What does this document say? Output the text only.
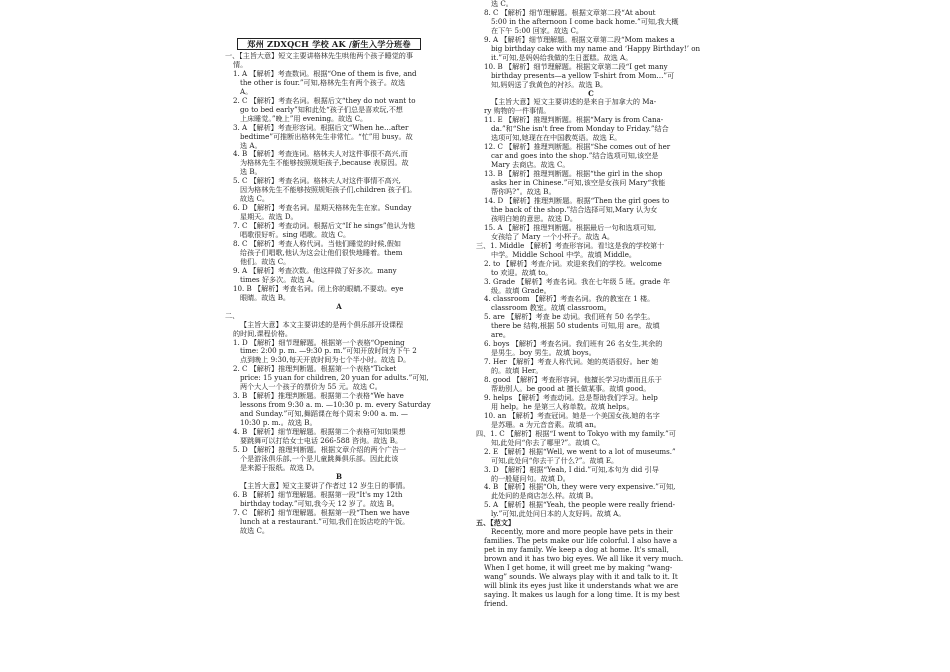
郑州 ZDXQCH 学校 AK /新生入学分班卷
一、【主旨大意】短文主要讲格林先生哄他两个孩子睡觉的事
情。
1. A 【解析】考查数词。根据“One of them is five, and
the other is four.”可知,格林先生有两个孩子。故选
A。
2. C 【解析】考查名词。根据后文“they do not want to
go to bed early”知和此处“孩子们总是喜欢玩,不想
上床睡觉。”晚上”用 evening。故选 C。
3. A 【解析】考查形容词。根据后文“When he…after
bedtime”可推断出格林先生非常忙。“忙”用 busy。故
选 A。
4. B 【解析】考查连词。格林夫人对这件事很不高兴,而
为格林先生不能够按照规矩孩子,because 表原因。故
选 B。
5. C 【解析】考查名词。格林夫人对这件事情不高兴,
因为格林先生不能够按照规矩孩子们,children 孩子们。
故选 C。
6. D 【解析】考查名词。星期天格林先生在家。Sunday
星期天。故选 D。
7. C 【解析】考查动词。根据后文“If he sings”他认为他
唱歌很好听。sing 唱歌。故选 C。
8. C 【解析】考查人称代词。当他们睡觉的时候,假如
给孩子们唱歌,他认为这会让他们很快地睡着。them
他们。故选 C。
9. A 【解析】考查次数。他这样做了好多次。many
times 好多次。故选 A。
10. B 【解析】考查名词。闭上你的眼睛,不要动。eye
眼睛。故选 B。
A
二、
【主旨大意】本文主要讲述的是两个俱乐部开设课程
的时间,课程价格。
1. D 【解析】细节理解题。根据第一个表格“Opening
time: 2:00 p. m. —9:30 p. m.”可知开放时间为下午 2
点到晚上 9:30,每天开放时间为七个半小时。故选 D。
2. C 【解析】推理判断题。根据第一个表格“Ticket
price: 15 yuan for children, 20 yuan for adults.”可知,
两个大人一个孩子的票价为 55 元。故选 C。
3. B 【解析】推理判断题。根据第二个表格“We have
lessons from 9:30 a. m. —10:30 p. m. every Saturday
and Sunday.”可知,舞蹈课在每个周末 9:00 a. m. —
10:30 p. m.。故选 B。
4. B 【解析】细节理解题。根据第二个表格可知如果想
要跳舞可以打给女士电话 266-588 咨询。故选 B。
5. D 【解析】推理判断题。根据文章介绍的两个广告一
个是游泳俱乐部,一个是儿童跳舞俱乐部。因此此该
是来源于报纸。故选 D。
B
【主旨大意】短文主要讲了作者过 12 岁生日的事情。
6. B 【解析】细节理解题。根据第一段“It's my 12th
birthday today.”可知,我今天 12 岁了。故选 B。
7. C 【解析】细节理解题。根据第一段“Then we have
lunch at a restaurant.”可知,我们在饭店吃的午饭。
故选 C。
选 C。
8. C 【解析】细节理解题。根据文章第二段“At about
5:00 in the afternoon I come back home.”可知,我大概
在下午 5:00 回家。故选 C。
9. A 【解析】细节理解题。根据文章第二段“Mom makes a
big birthday cake with my name and ‘Happy Birthday!’ on
it.”可知,是妈妈给我做的生日蛋糕。故选 A。
10. B 【解析】细节理解题。根据文章第二段“I get many
birthday presents—a yellow T-shirt from Mom…”可
知,妈妈送了我黄色的衬衫。故选 B。
C
【主旨大意】短文主要讲述的是来自于加拿大的 Ma-
ry 购物的一件事情。
11. E 【解析】推理判断题。根据“Mary is from Cana-
da.”和“She isn't free from Monday to Friday.”结合
选项可知,她现在在中国教英语。故选 E。
12. C 【解析】推理判断题。根据“She comes out of her
car and goes into the shop.”结合选项可知,该空是
Mary 去商店。故选 C。
13. B 【解析】推理判断题。根据“the girl in the shop
asks her in Chinese.”可知,该空是女孩问 Mary“我能
帮你吗?”。故选 B。
14. D 【解析】推理判断题。根据“Then the girl goes to
the back of the shop.”结合选择可知,Mary 认为女
孩明白她的意思。故选 D。
15. A 【解析】推理判断题。根据最后一句和选项可知,
女孩给了 Mary 一个小杯子。故选 A。
三、1. Middle 【解析】考查形容词。看!这是我的学校第十
中学。Middle School 中学。故填 Middle。
2. to 【解析】考查介词。欢迎来我们的学校。welcome
to 欢迎。故填 to。
3. Grade 【解析】考查名词。我在七年级 5 班。grade 年
级。故填 Grade。
4. classroom 【解析】考查名词。我的教室在 1 楼。
classroom 教室。故填 classroom。
5. are 【解析】考查 be 动词。我们班有 50 名学生。
there be 结构,根据 50 students 可知,用 are。故填
are。
6. boys 【解析】考查名词。我们班有 26 名女生,其余的
是男生。boy 男生。故填 boys。
7. Her 【解析】考查人称代词。她的英语很好。her 她
的。故填 Her。
8. good 【解析】考查形容词。他擅长学习功课而且乐于
帮助别人。be good at 擅长做某事。故填 good。
9. helps 【解析】考查动词。总是帮助我们学习。help
用 help。he 是第三人称单数。故填 helps。
10. an 【解析】考查冠词。她是一个美国女孩,她的名字
是苏珊。a 为元音音素。故填 an。
四、1. C 【解析】根据“I went to Tokyo with my family.”可
知,此处问“你去了哪里?”。故填 C。
2. E 【解析】根据“Well, we went to a lot of museums.”
可知,此处问“你去干了什么?”。故填 E。
3. D 【解析】根据“Yeah, I did.”可知,本句为 did 引导
的一般疑问句。故填 D。
4. B 【解析】根据“Oh, they were very expensive.”可知,
此处问的是商店怎么样。故填 B。
5. A 【解析】根据“Yeah, the people were really friend-
ly.”可知,此处问日本的人友好吗。故填 A。
五、【范文】
Recently, more and more people have pets in their
families. The pets make our life colorful. I also have a
pet in my family. We keep a dog at home. It's small,
brown and it has two big eyes. We all like it very much.
When I get home, it will greet me by making “wang-
wang” sounds. We always play with it and talk to it. It
will blink its eyes just like it understands what we are
saying. It makes us laugh for a long time. It is my best
friend.
